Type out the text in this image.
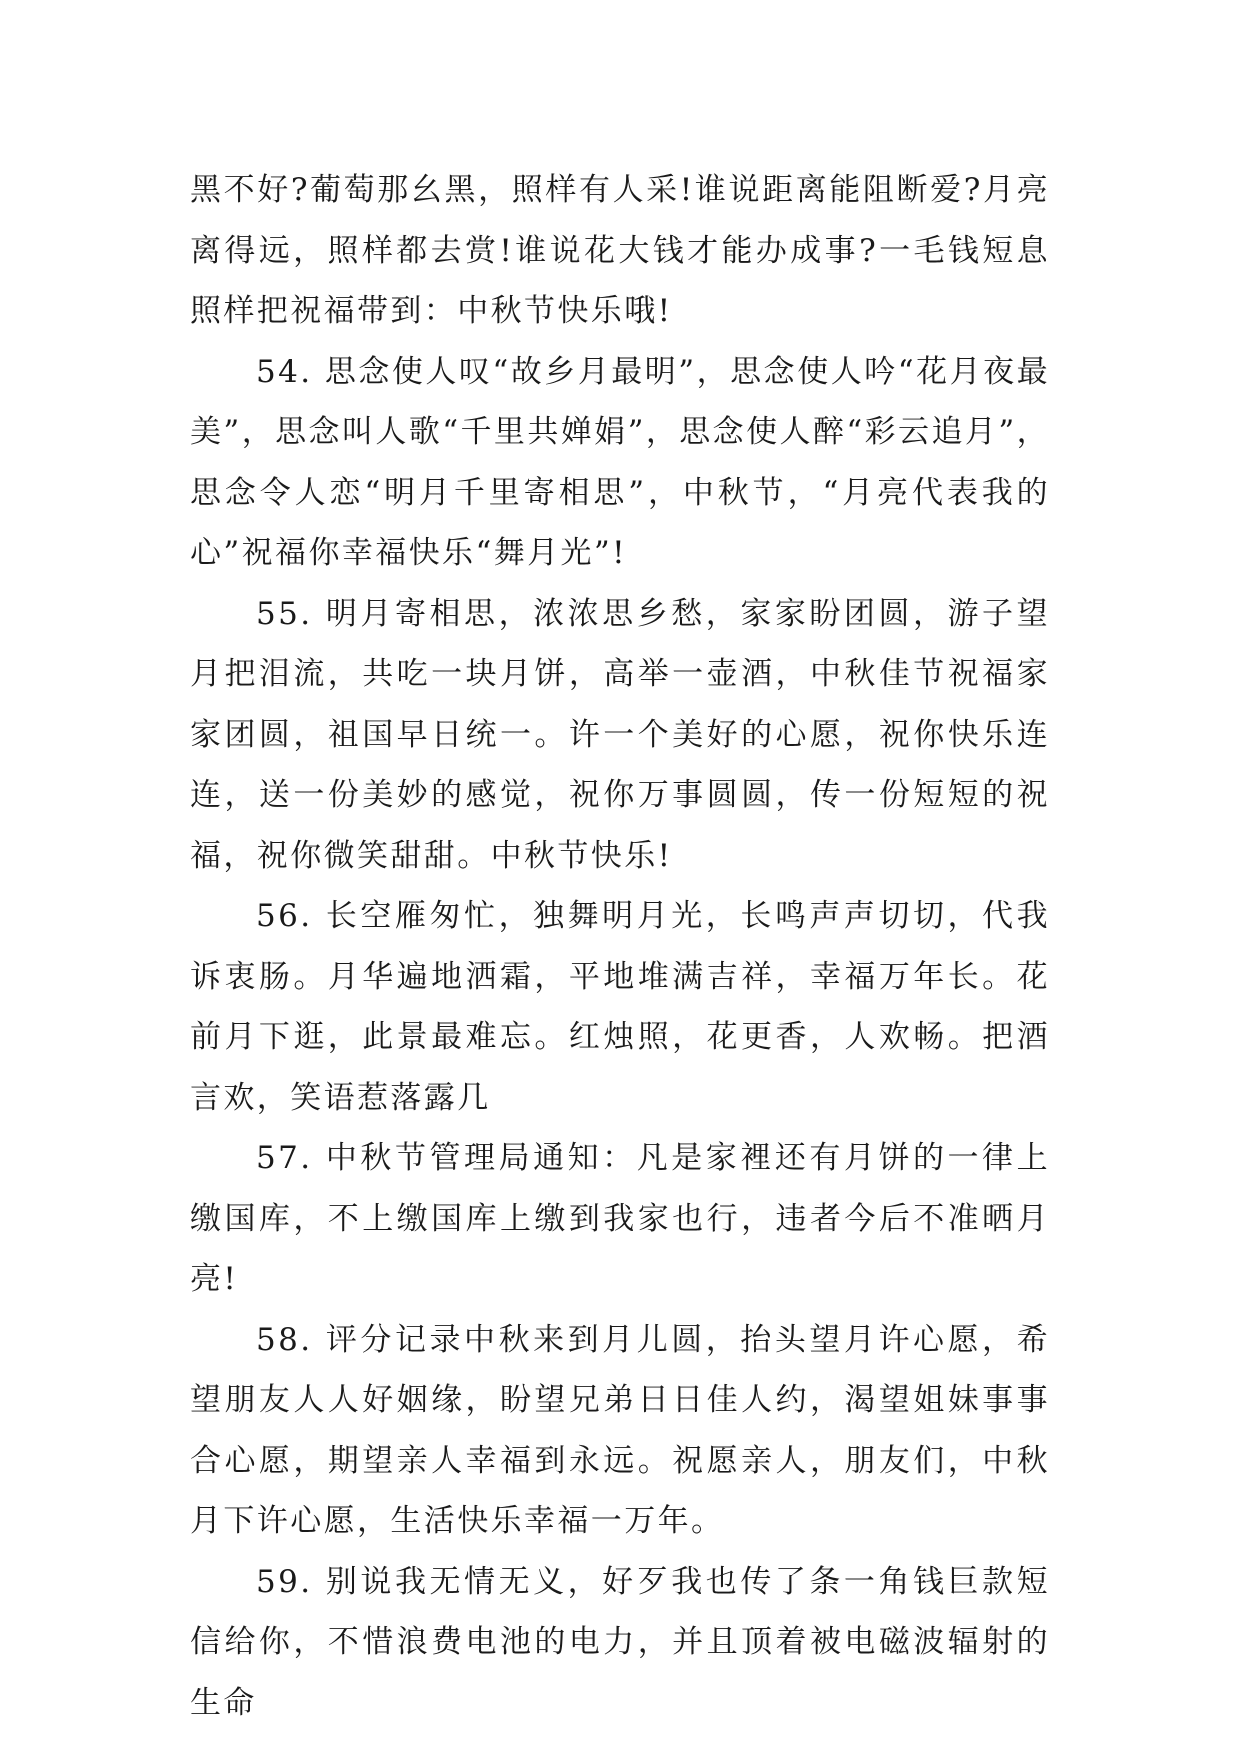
黑不好?葡萄那幺黑，照样有人采!谁说距离能阻断爱?月亮离得远，照样都去赏!谁说花大钱才能办成事?一毛钱短息照样把祝福带到：中秋节快乐哦!

54. 思念使人叹“故乡月最明”，思念使人吟“花月夜最美”，思念叫人歌“千里共婵娟”，思念使人醉“彩云追月”，思念令人恋“明月千里寄相思”，中秋节，“月亮代表我的心”祝福你幸福快乐“舞月光”!

55. 明月寄相思，浓浓思乡愁，家家盼团圆，游子望月把泪流，共吃一块月饼，高举一壶酒，中秋佳节祝福家家团圆，祖国早日统一。许一个美好的心愿，祝你快乐连连，送一份美妙的感觉，祝你万事圆圆，传一份短短的祝福，祝你微笑甜甜。中秋节快乐!

56. 长空雁匆忙，独舞明月光，长鸣声声切切，代我诉衷肠。月华遍地洒霜，平地堆满吉祥，幸福万年长。花前月下逛，此景最难忘。红烛照，花更香，人欢畅。把酒言欢，笑语惹落露几

57. 中秋节管理局通知：凡是家裡还有月饼的一律上缴国库，不上缴国库上缴到我家也行，违者今后不准晒月亮!

58. 评分记录中秋来到月儿圆，抬头望月许心愿，希望朋友人人好姻缘，盼望兄弟日日佳人约，渴望姐妹事事合心愿，期望亲人幸福到永远。祝愿亲人，朋友们，中秋月下许心愿，生活快乐幸福一万年。

59. 别说我无情无义，好歹我也传了条一角钱巨款短信给你，不惜浪费电池的电力，并且顶着被电磁波辐射的生命
